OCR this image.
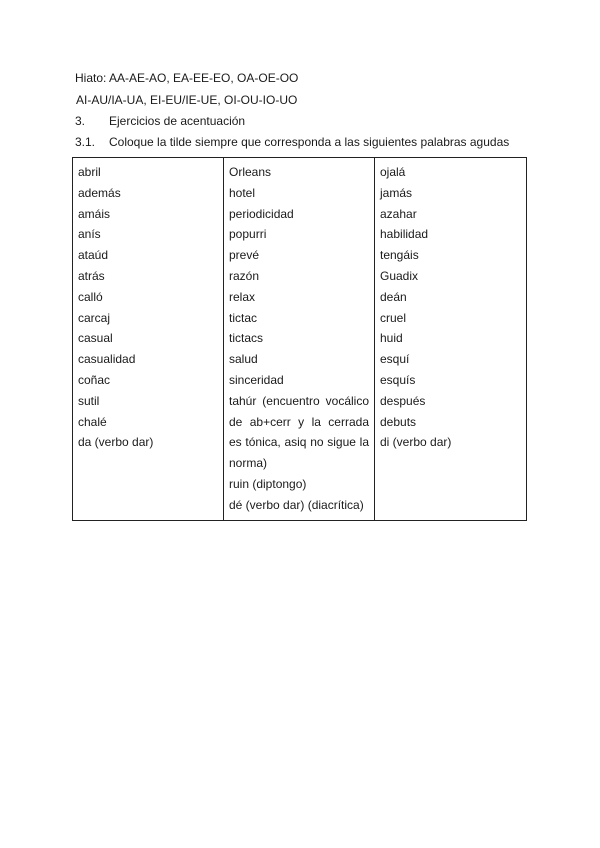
Hiato: AA-AE-AO, EA-EE-EO, OA-OE-OO
AI-AU/IA-UA, EI-EU/IE-UE, OI-OU-IO-UO
3. Ejercicios de acentuación
3.1. Coloque la tilde siempre que corresponda a las siguientes palabras agudas
abril
además
amáis
anís
ataúd
atrás
calló
carcaj
casual
casualidad
coñac
sutil
chalé
da (verbo dar)

Orleans
hotel
periodicidad
popurri
prevé
razón
relax
tictac
tictacs
salud
sinceridad
tahúr (encuentro vocálico
de ab+cerr y la cerrada
es tónica, asiq no sigue la
norma)
ruin (diptongo)
dé (verbo dar) (diacrítica)

ojalá
jamás
azahar
habilidad
tengáis
Guadix
deán
cruel
huid
esquí
esquís
después
debuts
di (verbo dar)
